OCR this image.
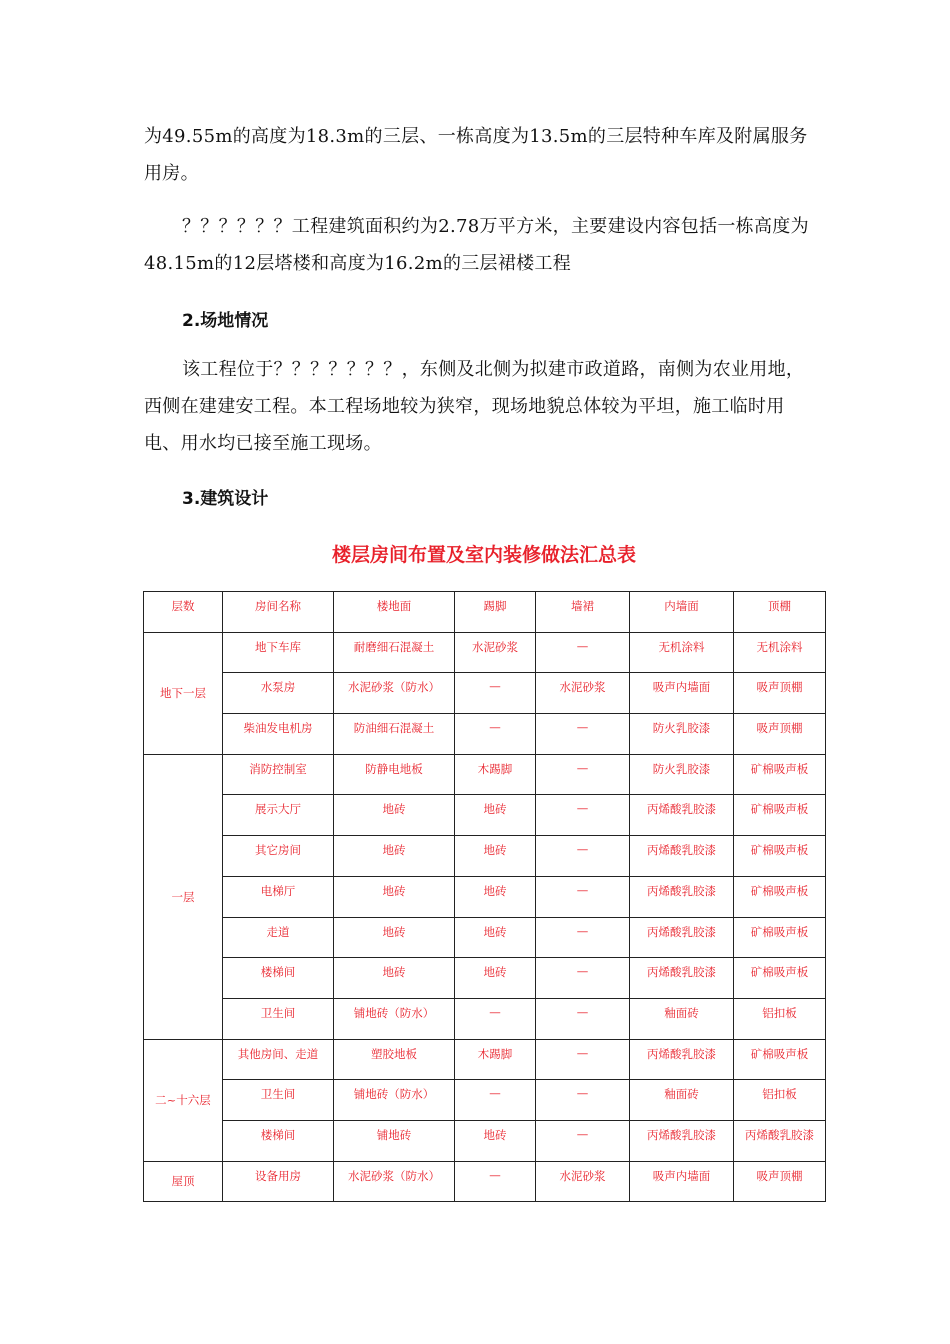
为49.55m的高度为18.3m的三层、一栋高度为13.5m的三层特种车库及附属服务用房。

？？？？？？工程建筑面积约为2.78万平方米，主要建设内容包括一栋高度为48.15m的12层塔楼和高度为16.2m的三层裙楼工程

2.场地情况

该工程位于？？？？？？？，东侧及北侧为拟建市政道路，南侧为农业用地，西侧在建建安工程。本工程场地较为狭窄，现场地貌总体较为平坦，施工临时用电、用水均已接至施工现场。

3.建筑设计

楼层房间布置及室内装修做法汇总表

层数	房间名称	楼地面	踢脚	墙裙	内墙面	顶棚
地下一层	地下车库	耐磨细石混凝土	水泥砂浆	—	无机涂料	无机涂料
	水泵房	水泥砂浆（防水）	—	水泥砂浆	吸声内墙面	吸声顶棚
	柴油发电机房	防油细石混凝土	—	—	防火乳胶漆	吸声顶棚
一层	消防控制室	防静电地板	木踢脚	—	防火乳胶漆	矿棉吸声板
	展示大厅	地砖	地砖	—	丙烯酸乳胶漆	矿棉吸声板
	其它房间	地砖	地砖	—	丙烯酸乳胶漆	矿棉吸声板
	电梯厅	地砖	地砖	—	丙烯酸乳胶漆	矿棉吸声板
	走道	地砖	地砖	—	丙烯酸乳胶漆	矿棉吸声板
	楼梯间	地砖	地砖	—	丙烯酸乳胶漆	矿棉吸声板
	卫生间	铺地砖（防水）	—	—	釉面砖	铝扣板
二~十六层	其他房间、走道	塑胶地板	木踢脚	—	丙烯酸乳胶漆	矿棉吸声板
	卫生间	铺地砖（防水）	—	—	釉面砖	铝扣板
	楼梯间	铺地砖	地砖	—	丙烯酸乳胶漆	丙烯酸乳胶漆
屋顶	设备用房	水泥砂浆（防水）	—	水泥砂浆	吸声内墙面	吸声顶棚
